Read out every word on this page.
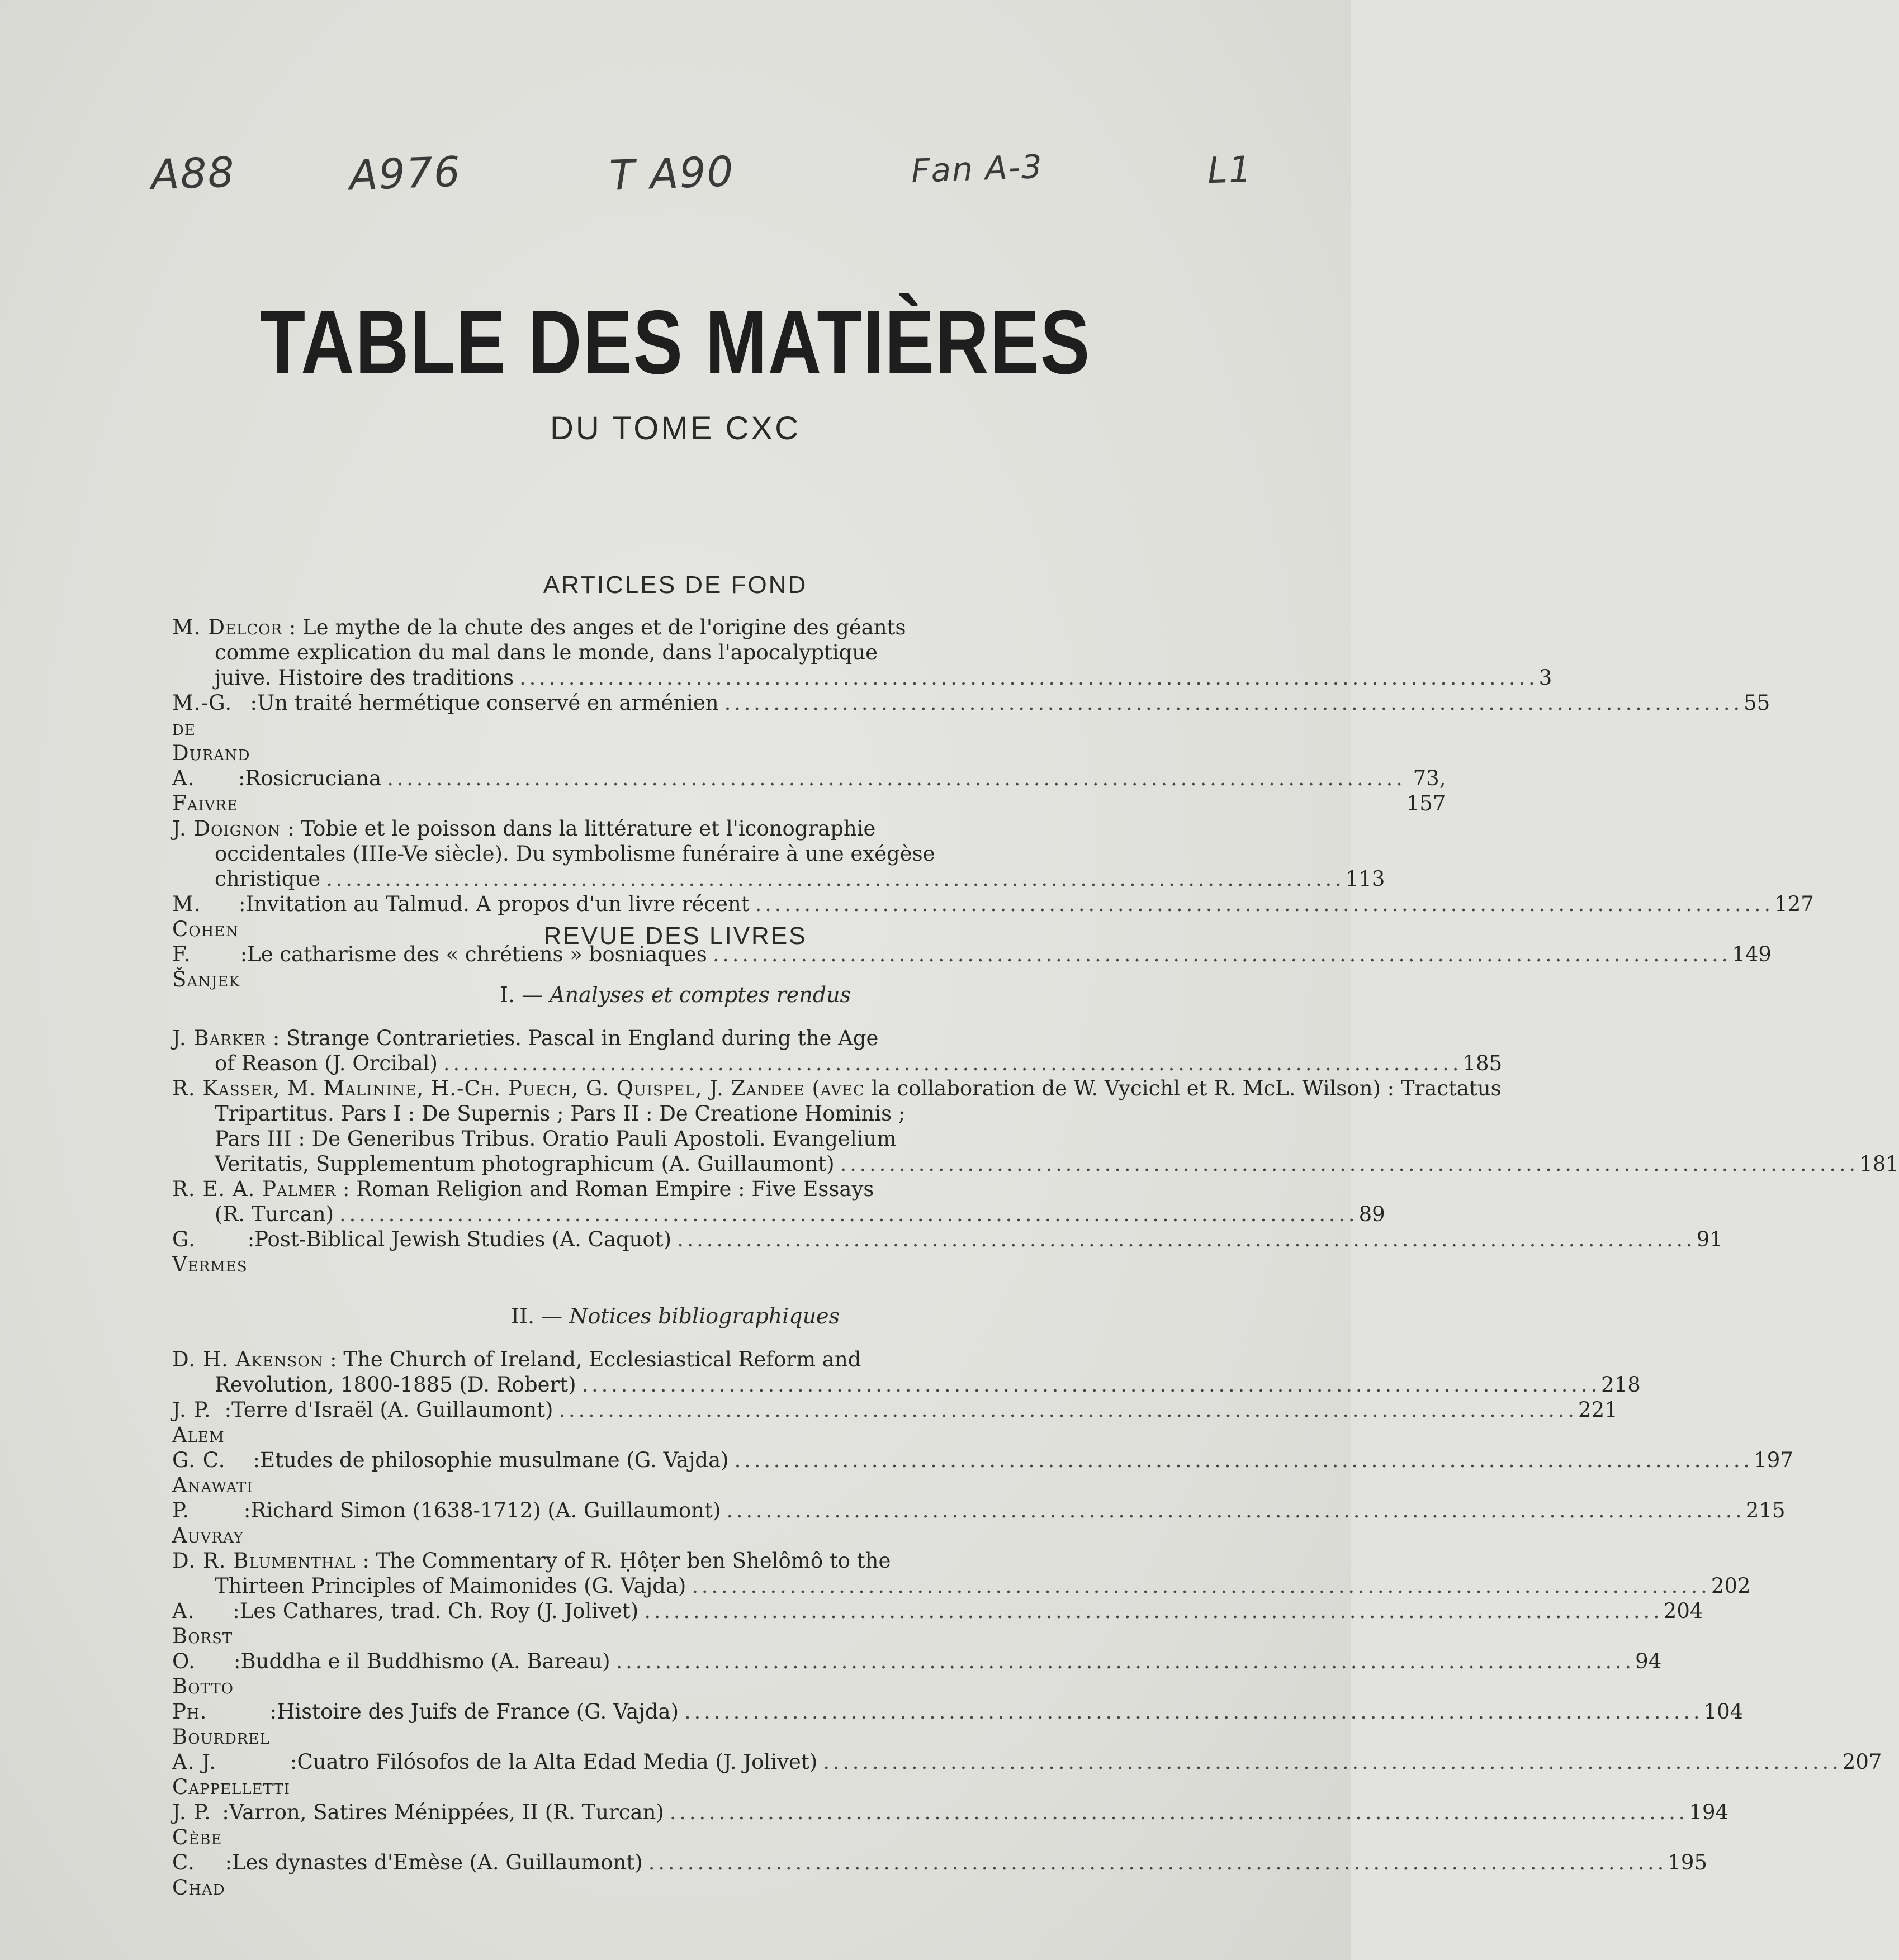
A88	A976	T A90	Fan A-3	L1
TABLE DES MATIÈRES
DU TOME CXC
ARTICLES DE FOND
M. Delcor : Le mythe de la chute des anges et de l'origine des géants
comme explication du mal dans le monde, dans l'apocalyptique
juive. Histoire des traditions . . .	3
M.-G. de Durand
: Un traité hermétique conservé en arménien . . .	55
A. Faivre
: Rosicruciana . . .	73, 157
J. Doignon : Tobie et le poisson dans la littérature et l'iconographie
occidentales (IIIe-Ve siècle). Du symbolisme funéraire à une exégèse
christique . . .	113
M. Cohen
: Invitation au Talmud. A propos d'un livre récent . . .	127
F. Šanjek
: Le catharisme des « chrétiens » bosniaques . . .	149
REVUE DES LIVRES
I. — Analyses et comptes rendus
J. Barker : Strange Contrarieties. Pascal in England during the Age
of Reason (J. Orcibal) . . .	185
R. Kasser, M. Malinine, H.-Ch. Puech, G. Quispel, J. Zandee (avec la collaboration de W. Vycichl et R. McL. Wilson) : Tractatus
Tripartitus. Pars I : De Supernis ; Pars II : De Creatione Hominis ;
Pars III : De Generibus Tribus. Oratio Pauli Apostoli. Evangelium
Veritatis, Supplementum photographicum (A. Guillaumont) . . .	181
R. E. A. Palmer : Roman Religion and Roman Empire : Five Essays
(R. Turcan) . . .	89
G. Vermes
: Post-Biblical Jewish Studies (A. Caquot) . . .	91
II. — Notices bibliographiques
D. H. Akenson : The Church of Ireland, Ecclesiastical Reform and
Revolution, 1800-1885 (D. Robert) . . .	218
J. P. Alem
: Terre d'Israël (A. Guillaumont) . . .	221
G. C. Anawati
: Etudes de philosophie musulmane (G. Vajda) . . .	197
P. Auvray
: Richard Simon (1638-1712) (A. Guillaumont) . . .	215
D. R. Blumenthal : The Commentary of R. Ḥôṭer ben Shelômô to the
Thirteen Principles of Maimonides (G. Vajda) . . .	202
A. Borst
: Les Cathares, trad. Ch. Roy (J. Jolivet) . . .	204
O. Botto
: Buddha e il Buddhismo (A. Bareau) . . .	94
Ph. Bourdrel
: Histoire des Juifs de France (G. Vajda) . . .	104
A. J. Cappelletti
: Cuatro Filósofos de la Alta Edad Media (J. Jolivet) . . .	207
J. P. Cèbe
: Varron, Satires Ménippées, II (R. Turcan) . . .	194
C. Chad
: Les dynastes d'Emèse (A. Guillaumont) . . .	195
